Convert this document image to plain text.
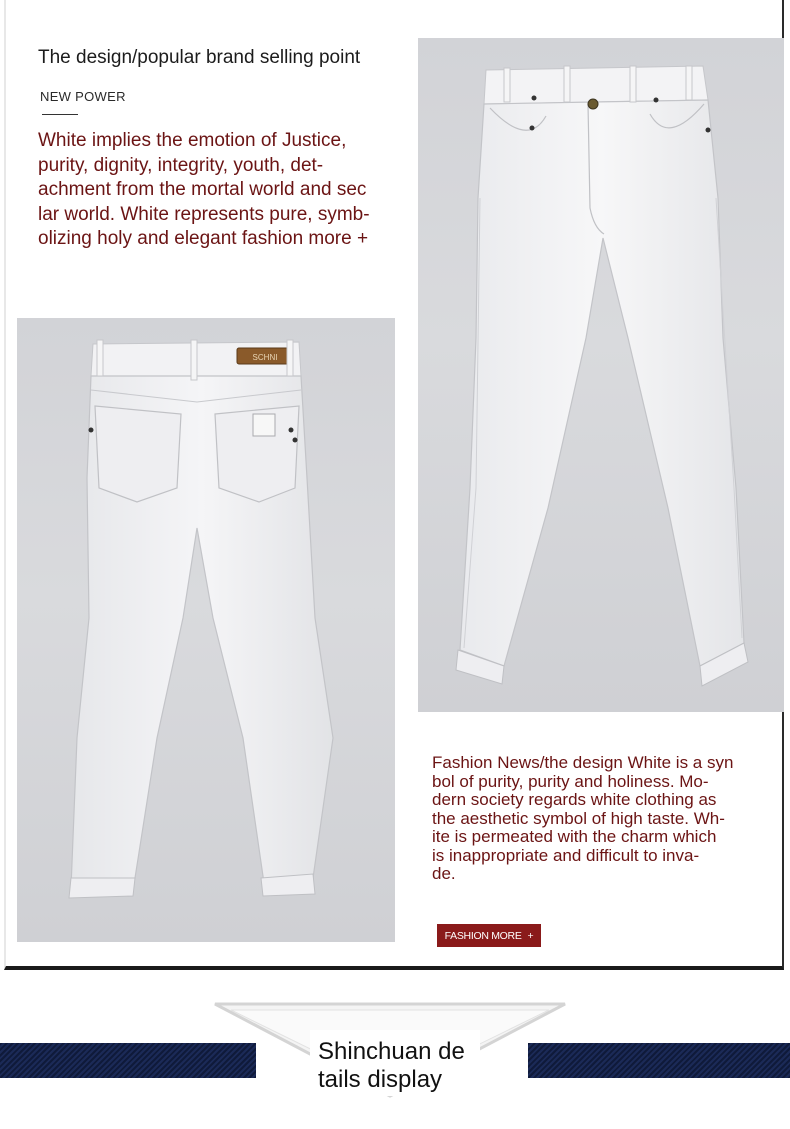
The design/popular brand selling point
NEW POWER
White implies the emotion of Justice,
purity, dignity, integrity, youth, det-
achment from the mortal world and sec
lar world. White represents pure, symb-
olizing holy and elegant fashion more +
SCHNI
Fashion News/the design White is a syn
bol of purity, purity and holiness. Mo-
dern society regards white clothing as
the aesthetic symbol of high taste. Wh-
ite is permeated with the charm which
is inappropriate and difficult to inva-
de.
FASHION MORE +
Shinchuan de
tails display
